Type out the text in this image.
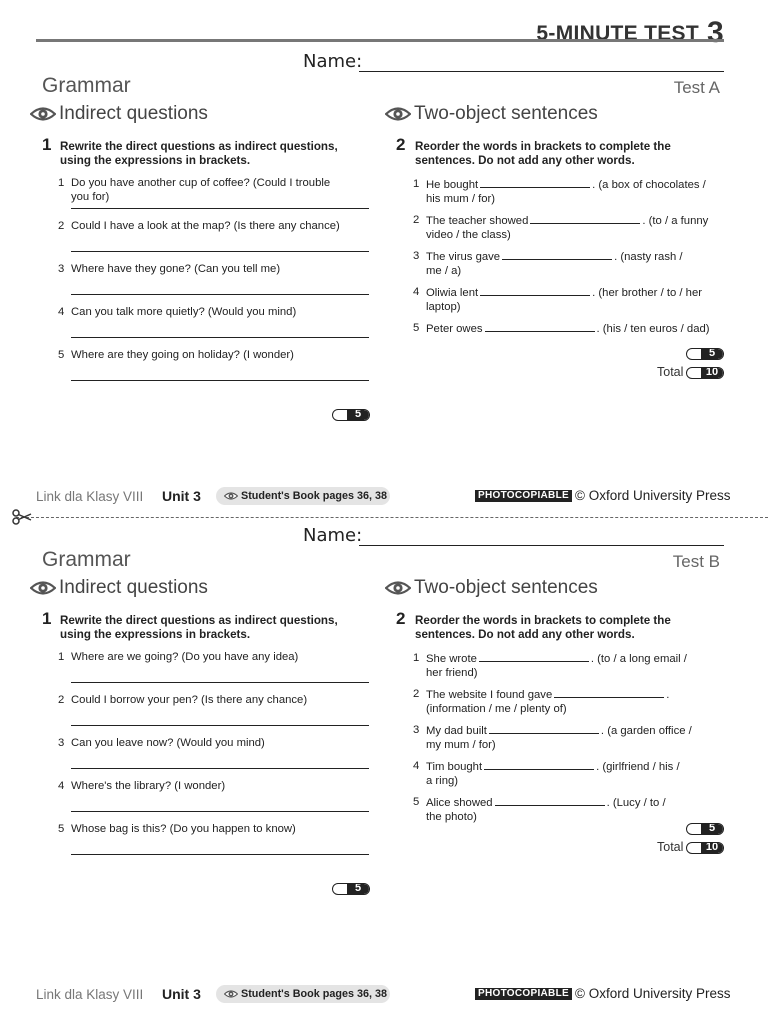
5-MINUTE TEST 3
Name:
Grammar	Test A
Indirect questions
1 Rewrite the direct questions as indirect questions,
using the expressions in brackets.
1 Do you have another cup of coffee? (Could I trouble
you for)
2 Could I have a look at the map? (Is there any chance)
3 Where have they gone? (Can you tell me)
4 Can you talk more quietly? (Would you mind)
5 Where are they going on holiday? (I wonder)
5
Two-object sentences
2 Reorder the words in brackets to complete the
sentences. Do not add any other words.
1 He bought	. (a box of chocolates /
his mum / for)
2 The teacher showed	. (to / a funny
video / the class)
3 The virus gave	. (nasty rash /
me / a)
4 Oliwia lent	. (her brother / to / her
laptop)
5 Peter owes	. (his / ten euros / dad)
5
Total	10
Link dla Klasy VIII Unit 3	Student's Book pages 36, 38	PHOTOCOPIABLE © Oxford University Press
Name:
Grammar	Test B
Indirect questions
1 Rewrite the direct questions as indirect questions,
using the expressions in brackets.
1 Where are we going? (Do you have any idea)
2 Could I borrow your pen? (Is there any chance)
3 Can you leave now? (Would you mind)
4 Where's the library? (I wonder)
5 Whose bag is this? (Do you happen to know)
5
Two-object sentences
2 Reorder the words in brackets to complete the
sentences. Do not add any other words.
1 She wrote	. (to / a long email /
her friend)
2 The website I found gave	.
(information / me / plenty of)
3 My dad built	. (a garden office /
my mum / for)
4 Tim bought	. (girlfriend / his /
a ring)
5 Alice showed	. (Lucy / to /
the photo)
5
Total	10
Link dla Klasy VIII Unit 3	Student's Book pages 36, 38	PHOTOCOPIABLE © Oxford University Press
